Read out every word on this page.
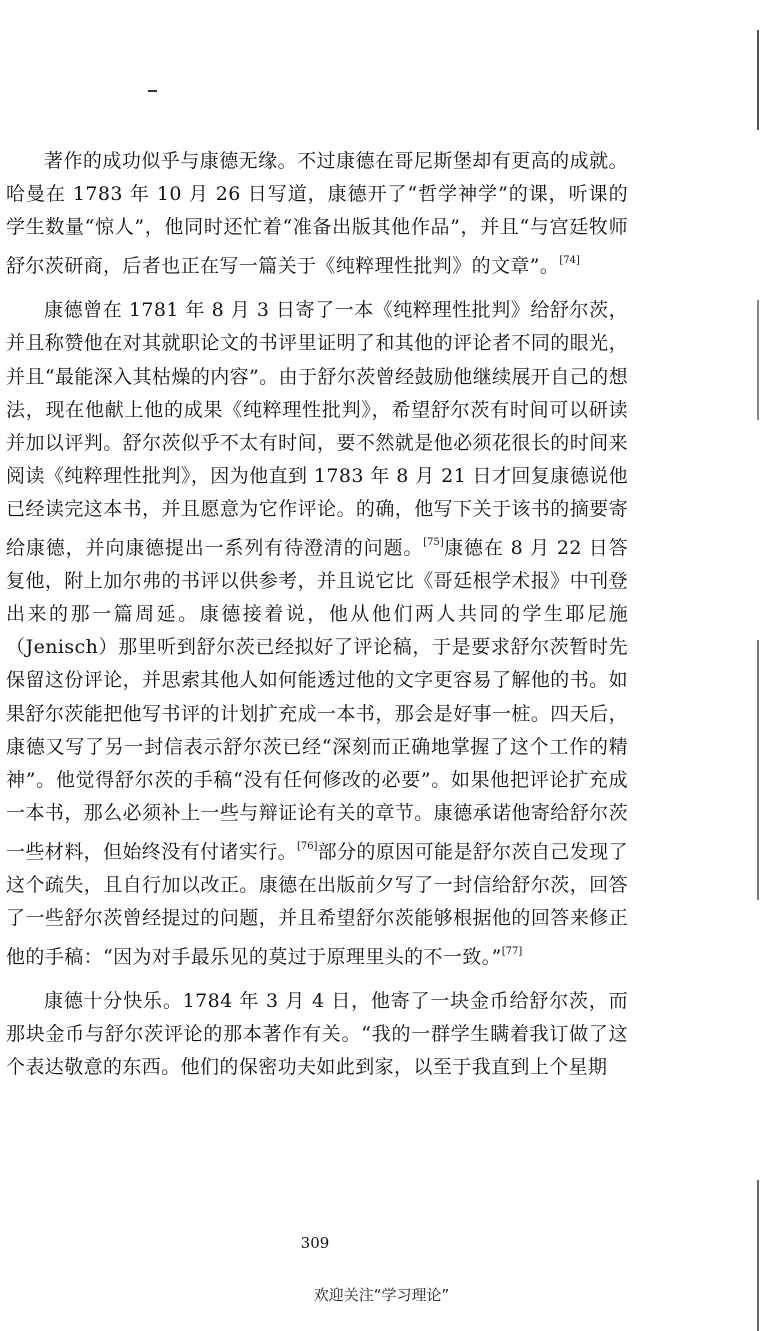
著作的成功似乎与康德无缘。不过康德在哥尼斯堡却有更高的成就。哈曼在 1783 年 10 月 26 日写道，康德开了“哲学神学”的课，听课的学生数量“惊人”，他同时还忙着“准备出版其他作品”，并且“与宫廷牧师舒尔茨研商，后者也正在写一篇关于《纯粹理性批判》的文章”。[74]

康德曾在 1781 年 8 月 3 日寄了一本《纯粹理性批判》给舒尔茨，并且称赞他在对其就职论文的书评里证明了和其他的评论者不同的眼光，并且“最能深入其枯燥的内容”。由于舒尔茨曾经鼓励他继续展开自己的想法，现在他献上他的成果《纯粹理性批判》，希望舒尔茨有时间可以研读并加以评判。舒尔茨似乎不太有时间，要不然就是他必须花很长的时间来阅读《纯粹理性批判》，因为他直到 1783 年 8 月 21 日才回复康德说他已经读完这本书，并且愿意为它作评论。的确，他写下关于该书的摘要寄给康德，并向康德提出一系列有待澄清的问题。[75]康德在 8 月 22 日答复他，附上加尔弗的书评以供参考，并且说它比《哥廷根学术报》中刊登出来的那一篇周延。康德接着说，他从他们两人共同的学生耶尼施（Jenisch）那里听到舒尔茨已经拟好了评论稿，于是要求舒尔茨暂时先保留这份评论，并思索其他人如何能透过他的文字更容易了解他的书。如果舒尔茨能把他写书评的计划扩充成一本书，那会是好事一桩。四天后，康德又写了另一封信表示舒尔茨已经“深刻而正确地掌握了这个工作的精神”。他觉得舒尔茨的手稿“没有任何修改的必要”。如果他把评论扩充成一本书，那么必须补上一些与辩证论有关的章节。康德承诺他寄给舒尔茨一些材料，但始终没有付诸实行。[76]部分的原因可能是舒尔茨自己发现了这个疏失，且自行加以改正。康德在出版前夕写了一封信给舒尔茨，回答了一些舒尔茨曾经提过的问题，并且希望舒尔茨能够根据他的回答来修正他的手稿：“因为对手最乐见的莫过于原理里头的不一致。”[77]

康德十分快乐。1784 年 3 月 4 日，他寄了一块金币给舒尔茨，而那块金币与舒尔茨评论的那本著作有关。“我的一群学生瞒着我订做了这个表达敬意的东西。他们的保密功夫如此到家，以至于我直到上个星期

309
欢迎关注“学习理论”
